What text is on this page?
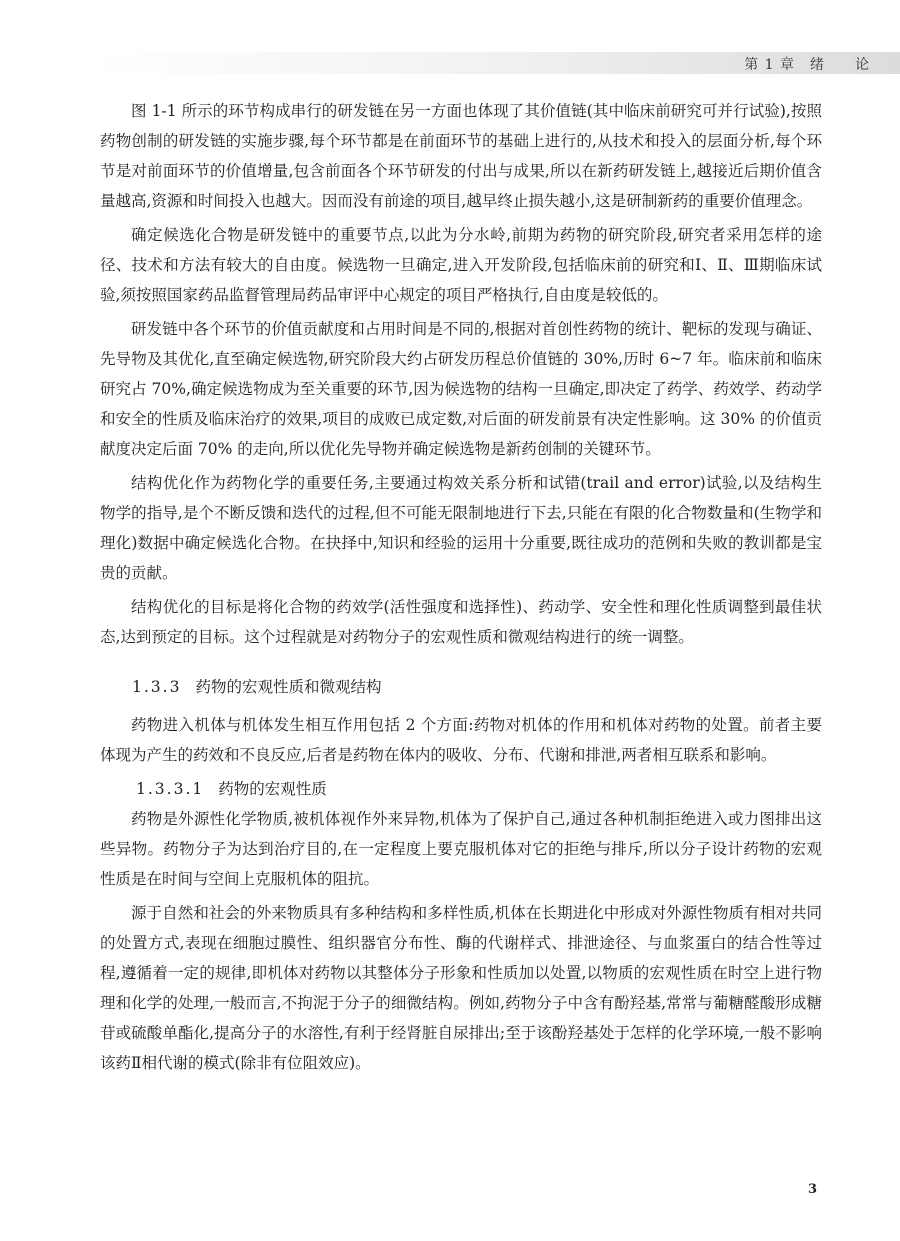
第 1 章　绪　　论

图 1-1 所示的环节构成串行的研发链在另一方面也体现了其价值链(其中临床前研究可并行试验),按照药物创制的研发链的实施步骤,每个环节都是在前面环节的基础上进行的,从技术和投入的层面分析,每个环节是对前面环节的价值增量,包含前面各个环节研发的付出与成果,所以在新药研发链上,越接近后期价值含量越高,资源和时间投入也越大。因而没有前途的项目,越早终止损失越小,这是研制新药的重要价值理念。

确定候选化合物是研发链中的重要节点,以此为分水岭,前期为药物的研究阶段,研究者采用怎样的途径、技术和方法有较大的自由度。候选物一旦确定,进入开发阶段,包括临床前的研究和Ⅰ、Ⅱ、Ⅲ期临床试验,须按照国家药品监督管理局药品审评中心规定的项目严格执行,自由度是较低的。

研发链中各个环节的价值贡献度和占用时间是不同的,根据对首创性药物的统计、靶标的发现与确证、先导物及其优化,直至确定候选物,研究阶段大约占研发历程总价值链的 30%,历时 6~7 年。临床前和临床研究占 70%,确定候选物成为至关重要的环节,因为候选物的结构一旦确定,即决定了药学、药效学、药动学和安全的性质及临床治疗的效果,项目的成败已成定数,对后面的研发前景有决定性影响。这 30% 的价值贡献度决定后面 70% 的走向,所以优化先导物并确定候选物是新药创制的关键环节。

结构优化作为药物化学的重要任务,主要通过构效关系分析和试错(trail and error)试验,以及结构生物学的指导,是个不断反馈和迭代的过程,但不可能无限制地进行下去,只能在有限的化合物数量和(生物学和理化)数据中确定候选化合物。在抉择中,知识和经验的运用十分重要,既往成功的范例和失败的教训都是宝贵的贡献。

结构优化的目标是将化合物的药效学(活性强度和选择性)、药动学、安全性和理化性质调整到最佳状态,达到预定的目标。这个过程就是对药物分子的宏观性质和微观结构进行的统一调整。

1.3.3 药物的宏观性质和微观结构

药物进入机体与机体发生相互作用包括 2 个方面:药物对机体的作用和机体对药物的处置。前者主要体现为产生的药效和不良反应,后者是药物在体内的吸收、分布、代谢和排泄,两者相互联系和影响。

1.3.3.1 药物的宏观性质

药物是外源性化学物质,被机体视作外来异物,机体为了保护自己,通过各种机制拒绝进入或力图排出这些异物。药物分子为达到治疗目的,在一定程度上要克服机体对它的拒绝与排斥,所以分子设计药物的宏观性质是在时间与空间上克服机体的阻抗。

源于自然和社会的外来物质具有多种结构和多样性质,机体在长期进化中形成对外源性物质有相对共同的处置方式,表现在细胞过膜性、组织器官分布性、酶的代谢样式、排泄途径、与血浆蛋白的结合性等过程,遵循着一定的规律,即机体对药物以其整体分子形象和性质加以处置,以物质的宏观性质在时空上进行物理和化学的处理,一般而言,不拘泥于分子的细微结构。例如,药物分子中含有酚羟基,常常与葡糖醛酸形成糖苷或硫酸单酯化,提高分子的水溶性,有利于经肾脏自尿排出;至于该酚羟基处于怎样的化学环境,一般不影响该药Ⅱ相代谢的模式(除非有位阻效应)。

3
